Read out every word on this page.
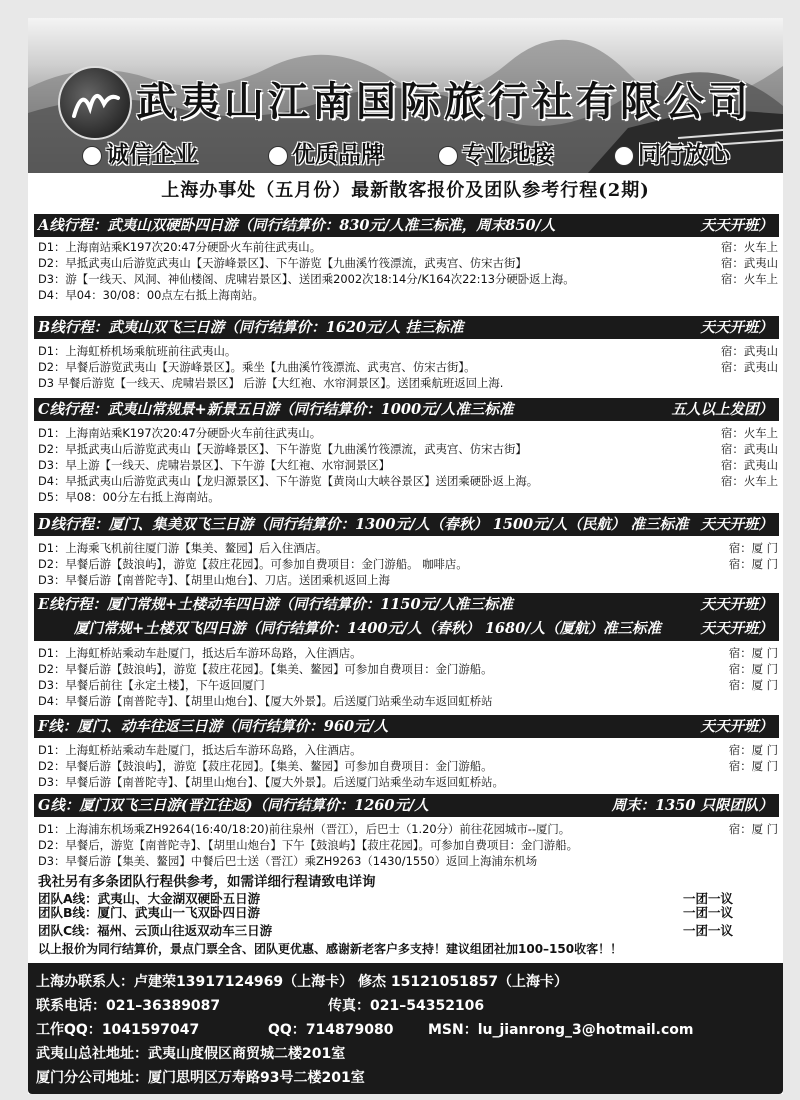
武夷山江南国际旅行社有限公司
诚信企业	优质品牌	专业地接	同行放心
上海办事处（五月份）最新散客报价及团队参考行程(2期)
A线行程：武夷山双硬卧四日游（同行结算价：830元/人准三标准，周末850/人	天天开班）
D1：上海南站乘K197次20:47分硬卧火车前往武夷山。	宿：火车上
D2：早抵武夷山后游览武夷山【天游峰景区】、下午游览【九曲溪竹筏漂流，武夷宫、仿宋古街】	宿：武夷山
D3：游【一线天、风洞、神仙楼阁、虎啸岩景区】、送团乘2002次18:14分/K164次22:13分硬卧返上海。	宿：火车上
D4：早04：30/08：00点左右抵上海南站。
B线行程：武夷山双飞三日游（同行结算价：1620元/人 挂三标准	天天开班）
D1：上海虹桥机场乘航班前往武夷山。	宿：武夷山
D2：早餐后游览武夷山【天游峰景区】。乘坐【九曲溪竹筏漂流、武夷宫、仿宋古街】。	宿：武夷山
D3 早餐后游览【一线天、虎啸岩景区】 后游【大红袍、水帘洞景区】。送团乘航班返回上海.
C线行程：武夷山常规景+新景五日游（同行结算价：1000元/人准三标准	五人以上发团）
D1：上海南站乘K197次20:47分硬卧火车前往武夷山。	宿：火车上
D2：早抵武夷山后游览武夷山【天游峰景区】、下午游览【九曲溪竹筏漂流，武夷宫、仿宋古街】	宿：武夷山
D3：早上游【一线天、虎啸岩景区】、下午游【大红袍、水帘洞景区】	宿：武夷山
D4：早抵武夷山后游览武夷山【龙归源景区】、下午游览【黄岗山大峡谷景区】送团乘硬卧返上海。	宿：火车上
D5：早08：00分左右抵上海南站。
D线行程：厦门、集美双飞三日游（同行结算价：1300元/人（春秋） 1500元/人（民航） 准三标准 天天开班）
D1：上海乘飞机前往厦门游【集美、鳌园】后入住酒店。	宿：厦 门
D2：早餐后游【鼓浪屿】，游览【菽庄花园】。可参加自费项目：金门游船。 咖啡店。	宿：厦 门
D3：早餐后游【南普陀寺】、【胡里山炮台】、刀店。送团乘机返回上海
E线行程：厦门常规+土楼动车四日游（同行结算价：1150元/人准三标准	天天开班）
厦门常规+土楼双飞四日游（同行结算价：1400元/人（春秋） 1680/人（厦航）准三标准	天天开班）
D1：上海虹桥站乘动车赴厦门，抵达后车游环岛路，入住酒店。	宿：厦 门
D2：早餐后游【鼓浪屿】，游览【菽庄花园】。【集美、鳌园】可参加自费项目：金门游船。	宿：厦 门
D3：早餐后前往【永定土楼】，下午返回厦门	宿：厦 门
D4：早餐后游【南普陀寺】、【胡里山炮台】、【厦大外景】。后送厦门站乘坐动车返回虹桥站
F线：厦门、动车往返三日游（同行结算价：960元/人	天天开班）
D1：上海虹桥站乘动车赴厦门，抵达后车游环岛路，入住酒店。	宿：厦 门
D2：早餐后游【鼓浪屿】，游览【菽庄花园】。【集美、鳌园】可参加自费项目：金门游船。	宿：厦 门
D3：早餐后游【南普陀寺】、【胡里山炮台】、【厦大外景】。后送厦门站乘坐动车返回虹桥站。
G线：厦门双飞三日游(晋江往返)（同行结算价：1260元/人	周末：1350 只限团队）
D1：上海浦东机场乘ZH9264(16:40/18:20)前往泉州（晋江），后巴士（1.20分）前往花园城市--厦门。	宿：厦 门
D2：早餐后，游览【南普陀寺】、【胡里山炮台】下午【鼓浪屿】【菽庄花园】。可参加自费项目：金门游船。
D3：早餐后游【集美、鳌园】中餐后巴士送（晋江）乘ZH9263（1430/1550）返回上海浦东机场
我社另有多条团队行程供参考，如需详细行程请致电详询
团队A线：武夷山、大金湖双硬卧五日游	一团一议
上海办联系人：卢建荣13917124969（上海卡） 修杰 15121051857（上海卡）
联系电话：021–36389087	传真：021–54352106
工作QQ：1041597047	QQ：714879080 MSN：lu_jianrong_3@hotmail.com
武夷山总社地址：武夷山度假区商贸城二楼201室
厦门分公司地址：厦门思明区万寿路93号二楼201室
团队B线：厦门、武夷山一飞双卧四日游	一团一议
团队C线：福州、云顶山往返双动车三日游	一团一议
以上报价为同行结算价，景点门票全含、团队更优惠、感谢新老客户多支持！建议组团社加100–150收客！！
